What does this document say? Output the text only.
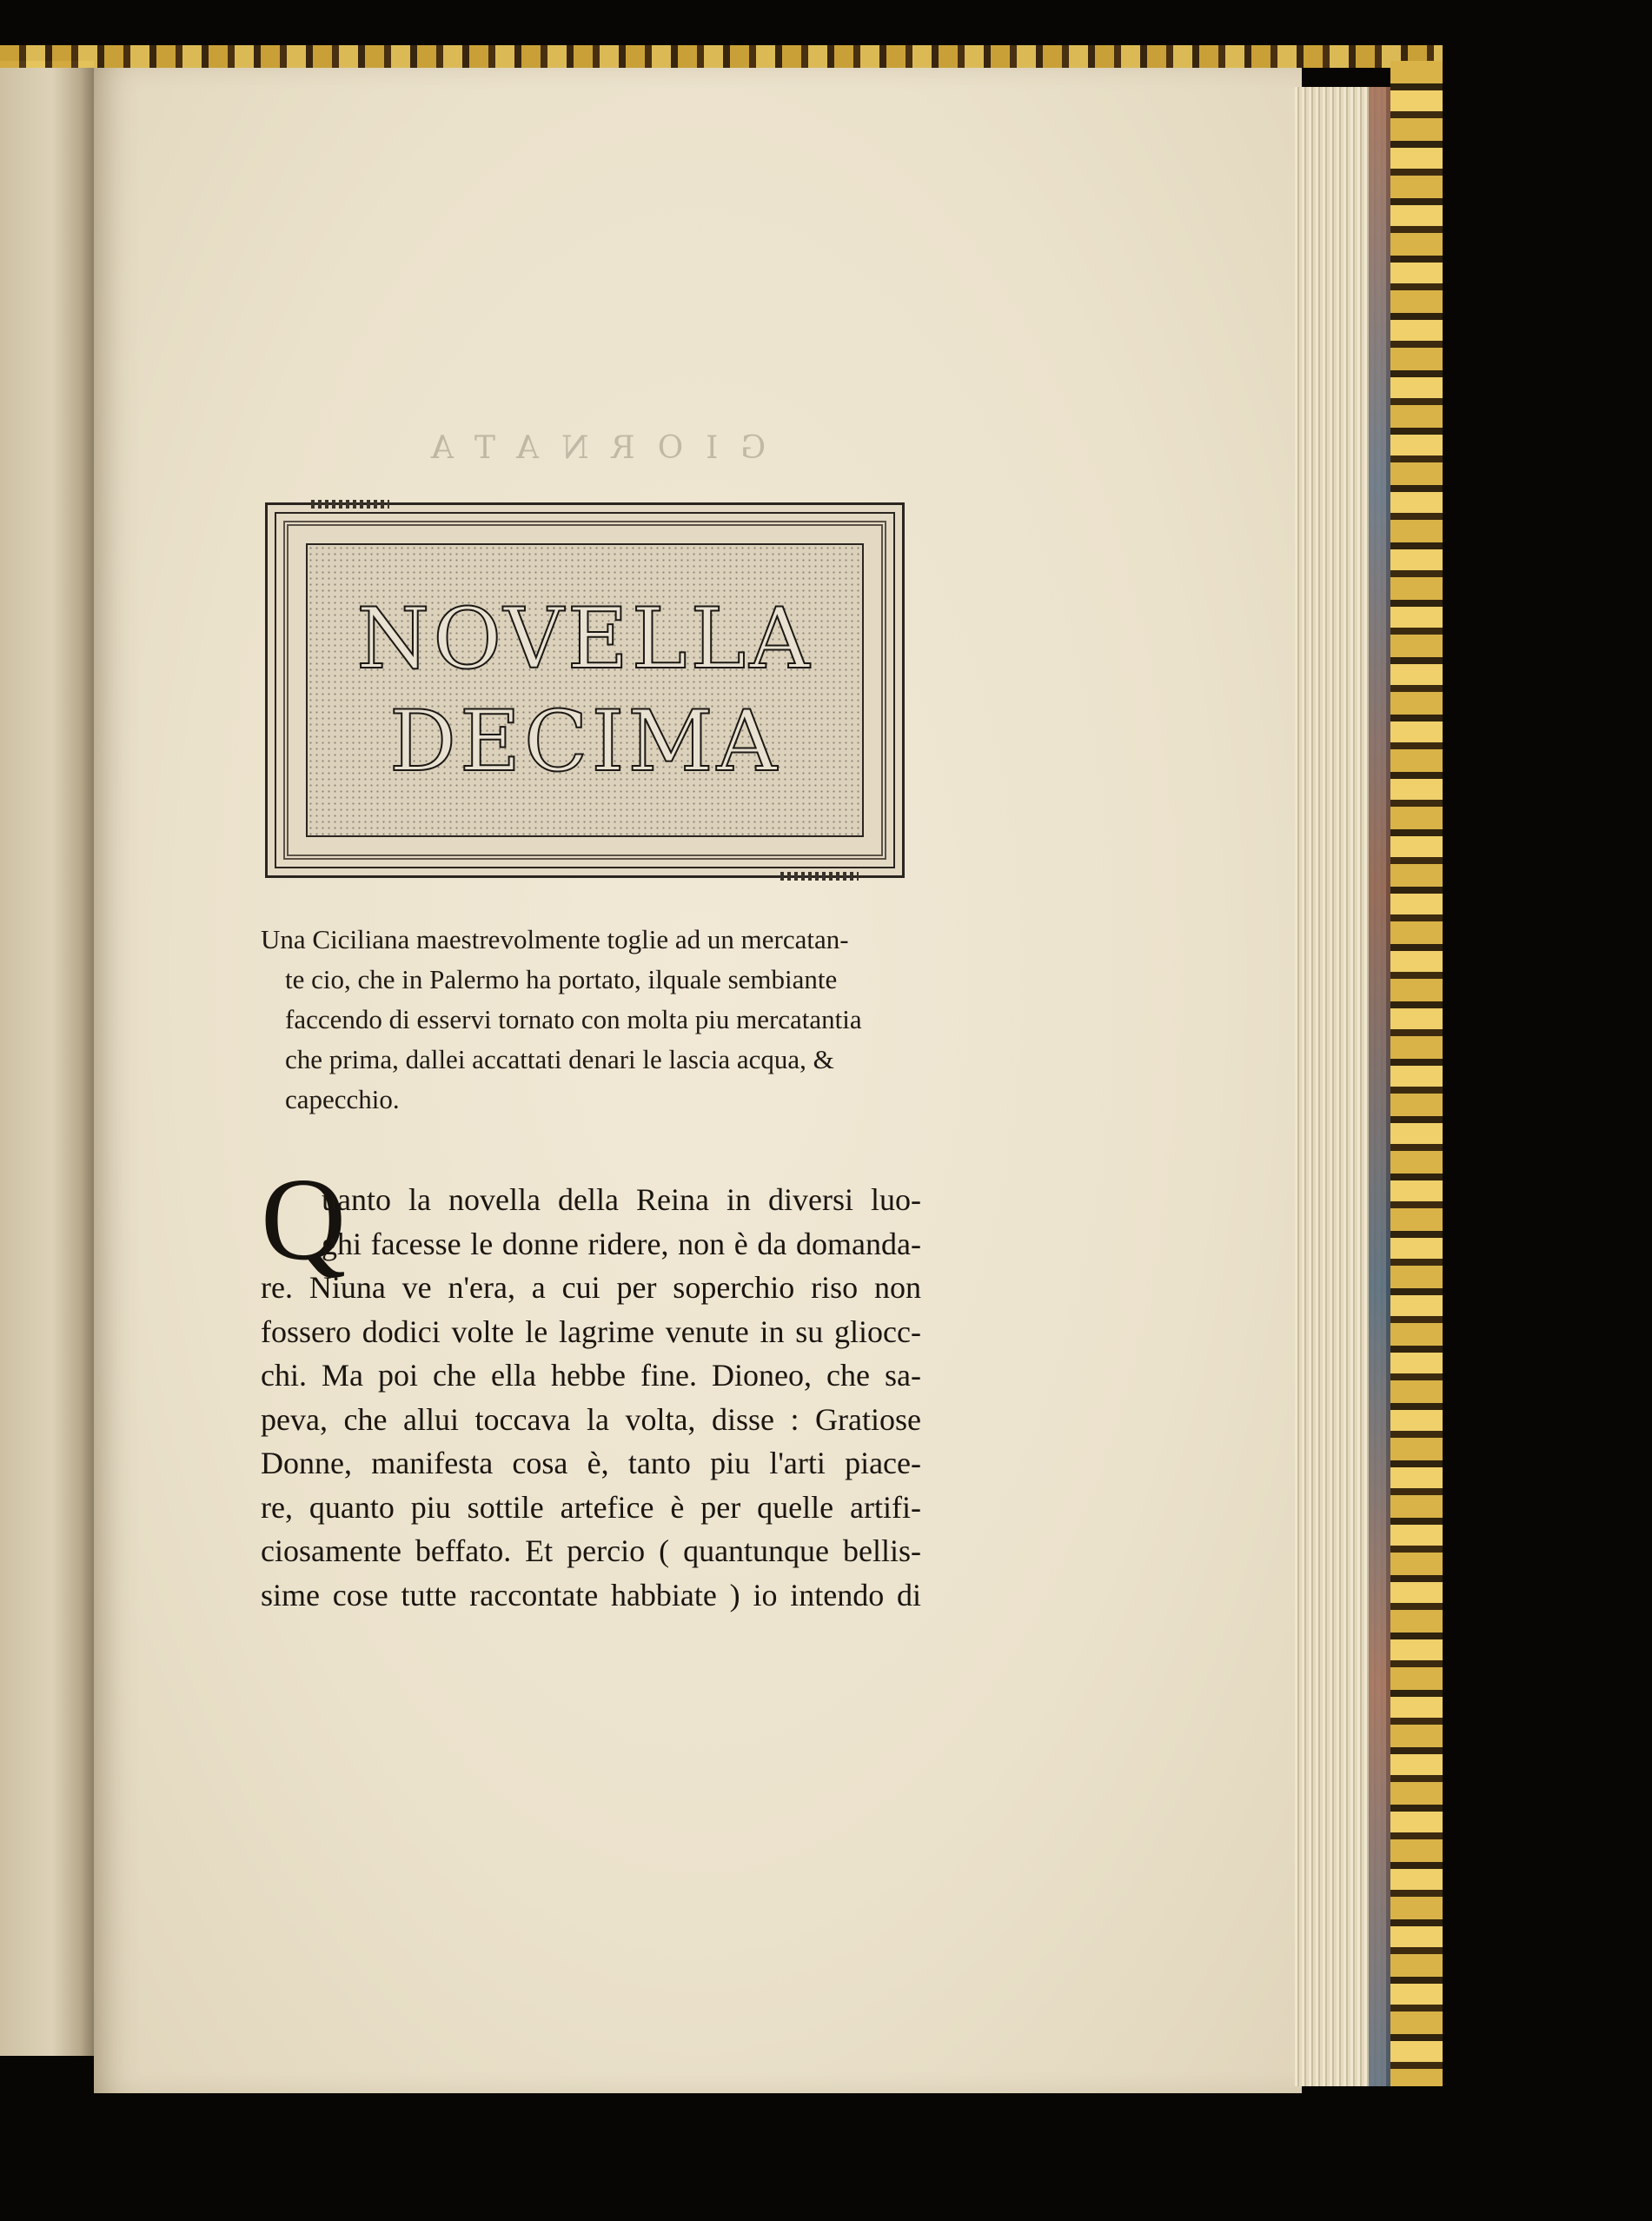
GIORNATA
NOVELLA
DECIMA
Una Ciciliana maestrevolmente toglie ad un mercatan-
te cio, che in Palermo ha portato, ilquale sembiante
faccendo di esservi tornato con molta piu mercatantia
che prima, dallei accattati denari le lascia acqua, &
capecchio.
Q
uanto la novella della Reina in diversi luo-
ghi facesse le donne ridere, non è da domanda-
re. Niuna ve n'era, a cui per soperchio riso non
fossero dodici volte le lagrime venute in su gliocc-
chi. Ma poi che ella hebbe fine. Dioneo, che sa-
peva, che allui toccava la volta, disse : Gratiose
Donne, manifesta cosa è, tanto piu l'arti piace-
re, quanto piu sottile artefice è per quelle artifi-
ciosamente beffato. Et percio ( quantunque bellis-
sime cose tutte raccontate habbiate ) io intendo di
